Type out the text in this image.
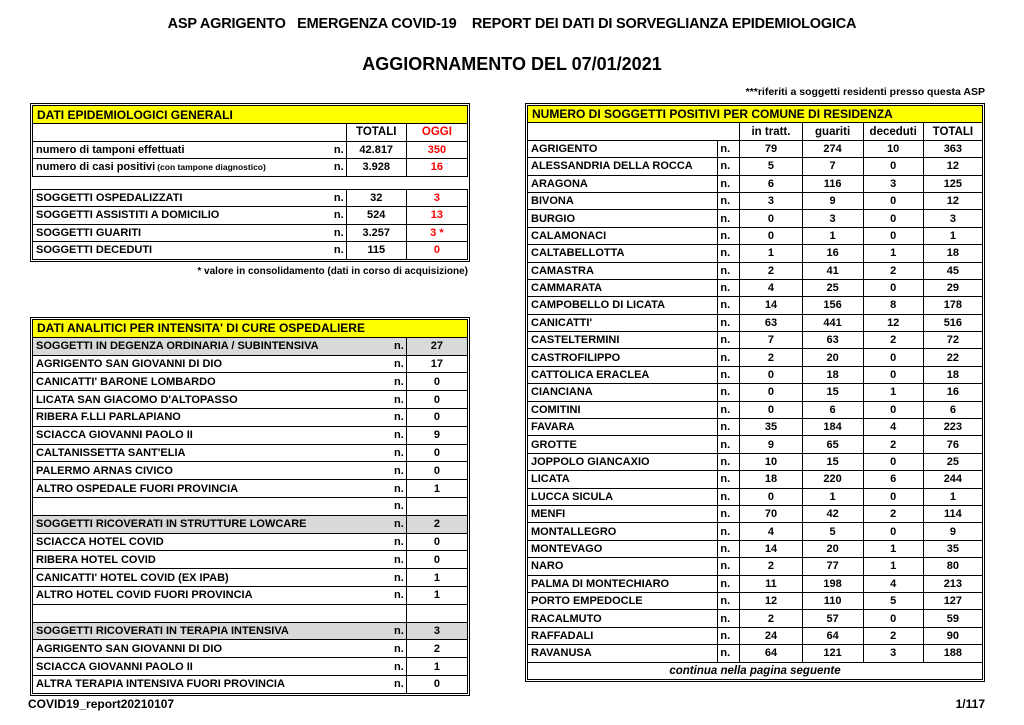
ASP AGRIGENTO   EMERGENZA COVID-19    REPORT DEI DATI DI SORVEGLIANZA EPIDEMIOLOGICA
AGGIORNAMENTO DEL 07/01/2021
***riferiti a soggetti residenti presso questa ASP
DATI EPIDEMIOLOGICI GENERALI			
		TOTALI	OGGI
numero di tamponi effettuati	n.	42.817	350
numero di casi positivi (con tampone diagnostico)	n.	3.928	16

SOGGETTI OSPEDALIZZATI	n.	32	3
SOGGETTI ASSISTITI A DOMICILIO	n.	524	13
SOGGETTI GUARITI	n.	3.257	3 *
SOGGETTI DECEDUTI	n.	115	0
* valore in consolidamento (dati in corso di acquisizione)
DATI ANALITICI PER INTENSITA' DI CURE OSPEDALIERE		
SOGGETTI IN DEGENZA ORDINARIA / SUBINTENSIVA	n.	27
AGRIGENTO SAN GIOVANNI DI DIO	n.	17
CANICATTI' BARONE LOMBARDO	n.	0
LICATA SAN GIACOMO D'ALTOPASSO	n.	0
RIBERA F.LLI PARLAPIANO	n.	0
SCIACCA GIOVANNI PAOLO II	n.	9
CALTANISSETTA SANT'ELIA	n.	0
PALERMO ARNAS CIVICO	n.	0
ALTRO OSPEDALE FUORI PROVINCIA	n.	1
	n.	
SOGGETTI RICOVERATI IN STRUTTURE LOWCARE	n.	2
SCIACCA HOTEL COVID	n.	0
RIBERA HOTEL COVID	n.	0
CANICATTI' HOTEL COVID (EX IPAB)	n.	1
ALTRO HOTEL COVID FUORI PROVINCIA	n.	1

SOGGETTI RICOVERATI IN TERAPIA INTENSIVA	n.	3
AGRIGENTO SAN GIOVANNI DI DIO	n.	2
SCIACCA GIOVANNI PAOLO II	n.	1
ALTRA TERAPIA INTENSIVA FUORI PROVINCIA	n.	0
NUMERO DI SOGGETTI POSITIVI PER COMUNE DI RESIDENZA					
		in tratt.	guariti	deceduti	TOTALI
AGRIGENTO	n.	79	274	10	363
ALESSANDRIA DELLA ROCCA	n.	5	7	0	12
ARAGONA	n.	6	116	3	125
BIVONA	n.	3	9	0	12
BURGIO	n.	0	3	0	3
CALAMONACI	n.	0	1	0	1
CALTABELLOTTA	n.	1	16	1	18
CAMASTRA	n.	2	41	2	45
CAMMARATA	n.	4	25	0	29
CAMPOBELLO DI LICATA	n.	14	156	8	178
CANICATTI'	n.	63	441	12	516
CASTELTERMINI	n.	7	63	2	72
CASTROFILIPPO	n.	2	20	0	22
CATTOLICA ERACLEA	n.	0	18	0	18
CIANCIANA	n.	0	15	1	16
COMITINI	n.	0	6	0	6
FAVARA	n.	35	184	4	223
GROTTE	n.	9	65	2	76
JOPPOLO GIANCAXIO	n.	10	15	0	25
LICATA	n.	18	220	6	244
LUCCA SICULA	n.	0	1	0	1
MENFI	n.	70	42	2	114
MONTALLEGRO	n.	4	5	0	9
MONTEVAGO	n.	14	20	1	35
NARO	n.	2	77	1	80
PALMA DI MONTECHIARO	n.	11	198	4	213
PORTO EMPEDOCLE	n.	12	110	5	127
RACALMUTO	n.	2	57	0	59
RAFFADALI	n.	24	64	2	90
RAVANUSA	n.	64	121	3	188
continua nella pagina seguente					
COVID19_report20210107	1/117
